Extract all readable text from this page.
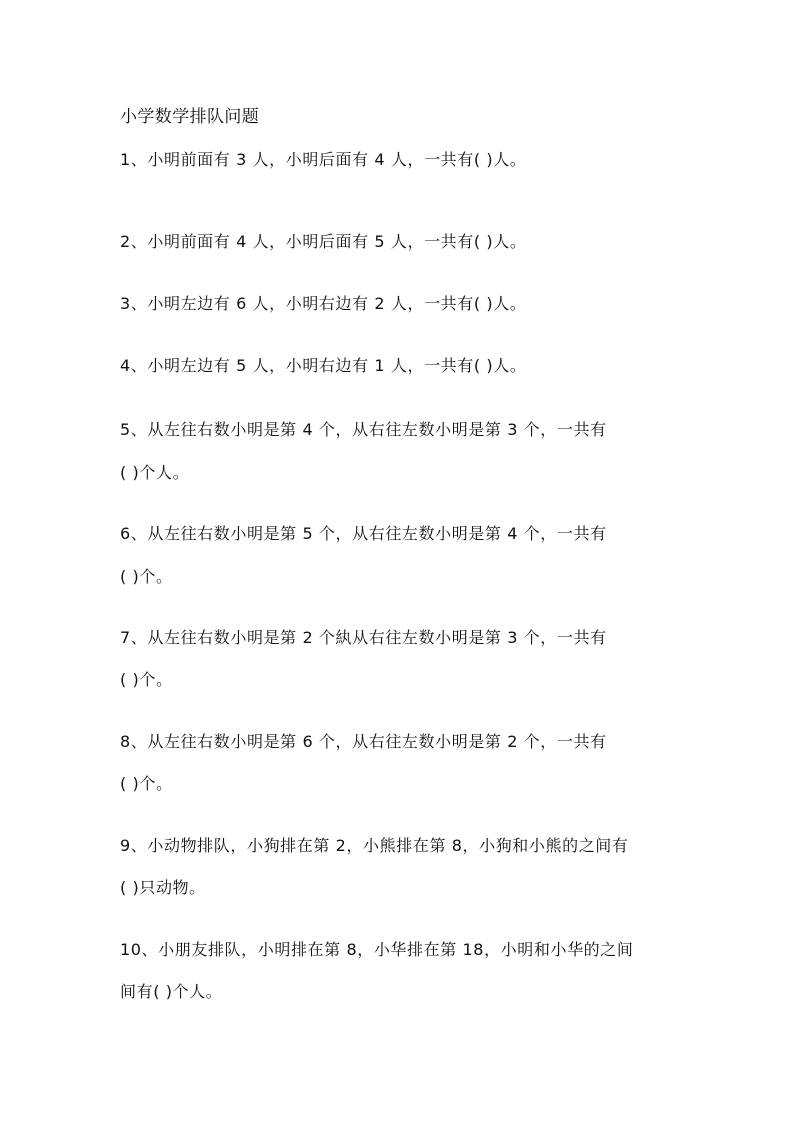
小学数学排队问题
1、小明前面有 3 人，小明后面有 4 人，一共有( )人。
2、小明前面有 4 人，小明后面有 5 人，一共有( )人。
3、小明左边有 6 人，小明右边有 2 人，一共有( )人。
4、小明左边有 5 人，小明右边有 1 人，一共有( )人。
5、从左往右数小明是第 4 个，从右往左数小明是第 3 个，一共有
( )个人。
6、从左往右数小明是第 5 个，从右往左数小明是第 4 个，一共有
( )个。
7、从左往右数小明是第 2 个紈从右往左数小明是第 3 个，一共有
( )个。
8、从左往右数小明是第 6 个，从右往左数小明是第 2 个，一共有
( )个。
9、小动物排队，小狗排在第 2，小熊排在第 8，小狗和小熊的之间有
( )只动物。
10、小朋友排队，小明排在第 8，小华排在第 18，小明和小华的之间
间有( )个人。
